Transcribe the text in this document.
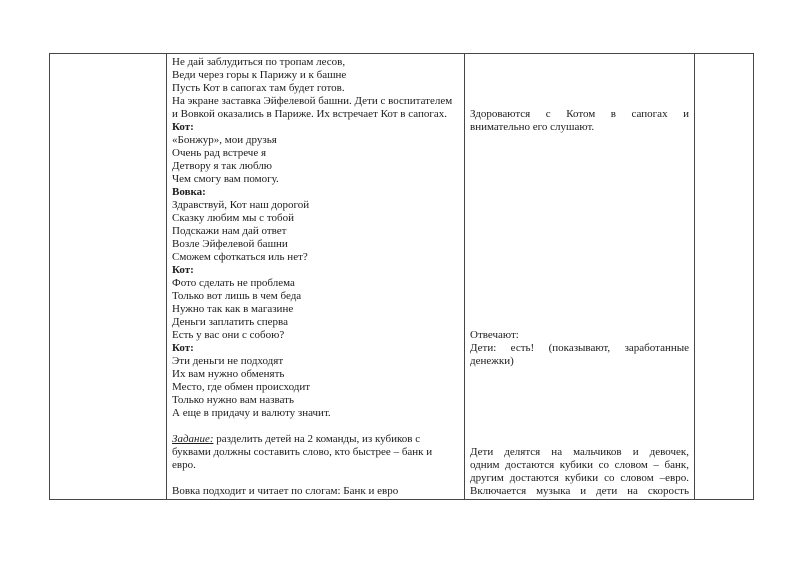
Не дай заблудиться по тропам лесов,
Веди через горы к Парижу и к башне
Пусть Кот в сапогах там будет готов.
На экране заставка Эйфелевой башни. Дети с воспитателем
и Вовкой оказались в Париже. Их встречает Кот в сапогах.
Кот:
«Бонжур», мои друзья
Очень рад встрече я
Детвору я так люблю
Чем смогу вам помогу.
Вовка:
Здравствуй, Кот наш дорогой
Сказку любим мы с тобой
Подскажи нам дай ответ
Возле Эйфелевой башни
Сможем сфоткаться иль нет?
Кот:
Фото сделать не проблема
Только вот лишь в чем беда
Нужно так как в магазине
Деньги заплатить сперва
Есть у вас они с собою?
Кот:
Эти деньги не подходят
Их вам нужно обменять
Место, где обмен происходит
Только нужно вам назвать
А еще в придачу и валюту значит.
Задание: разделить детей на 2 команды, из кубиков с
буквами должны составить слово, кто быстрее – банк и
евро.
Вовка подходит и читает по слогам: Банк и евро
Здороваются с Котом в сапогах и
внимательно его слушают.
Отвечают:
Дети: есть! (показывают, заработанные
денежки)
Дети делятся на мальчиков и девочек,
одним достаются кубики со словом – банк,
другим достаются кубики со словом –евро.
Включается музыка и дети на скорость
